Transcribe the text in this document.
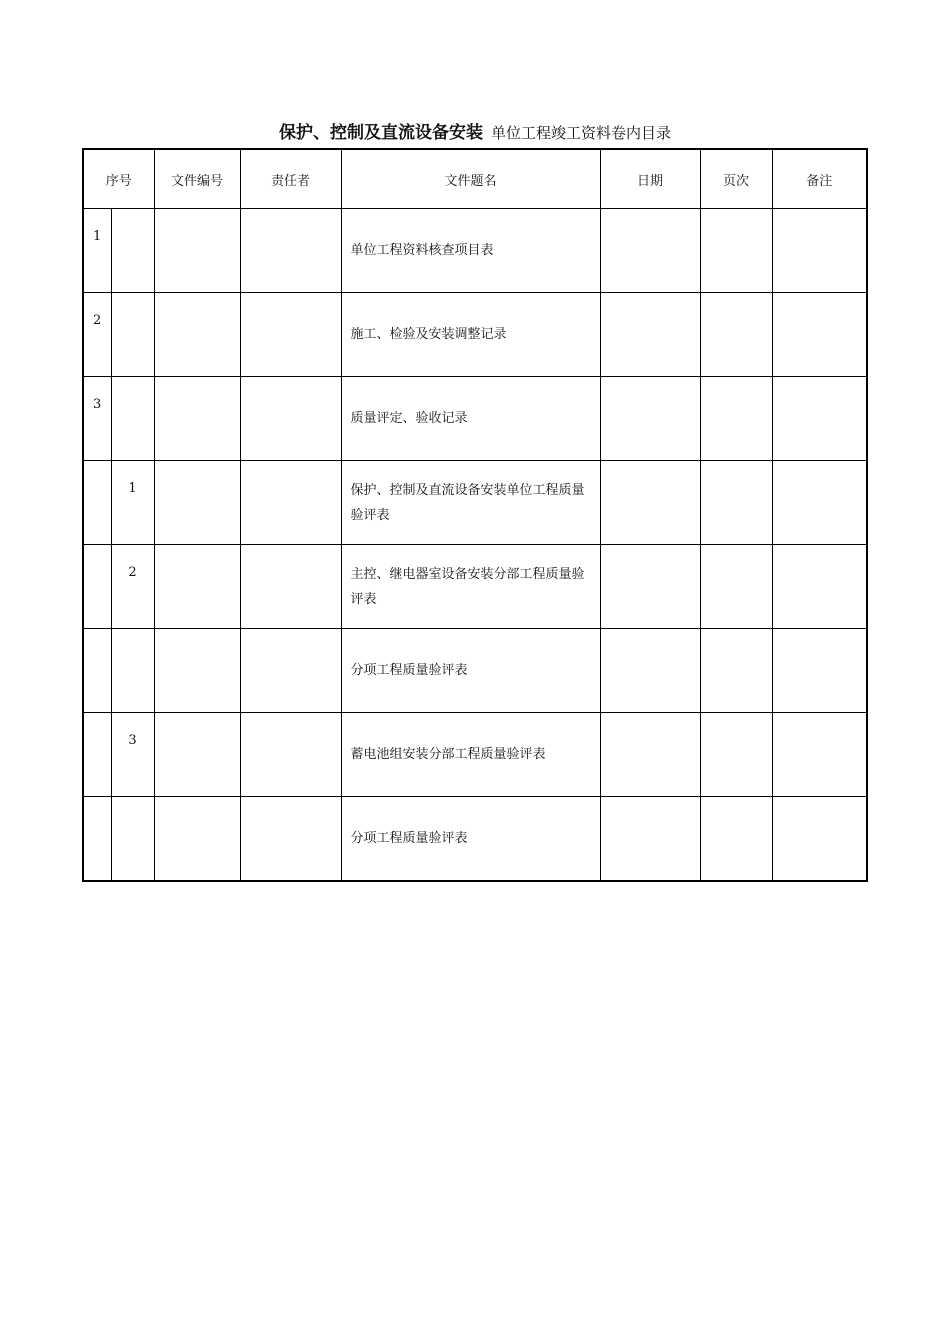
保护、控制及直流设备安装 单位工程竣工资料卷内目录
序号		文件编号	责任者	文件题名	日期	页次	备注
1				单位工程资料核查项目表			
2				施工、检验及安装调整记录			
3				质量评定、验收记录			
	1			保护、控制及直流设备安装单位工程质量验评表			
	2			主控、继电器室设备安装分部工程质量验评表			
				分项工程质量验评表			
	3			蓄电池组安装分部工程质量验评表			
				分项工程质量验评表			
